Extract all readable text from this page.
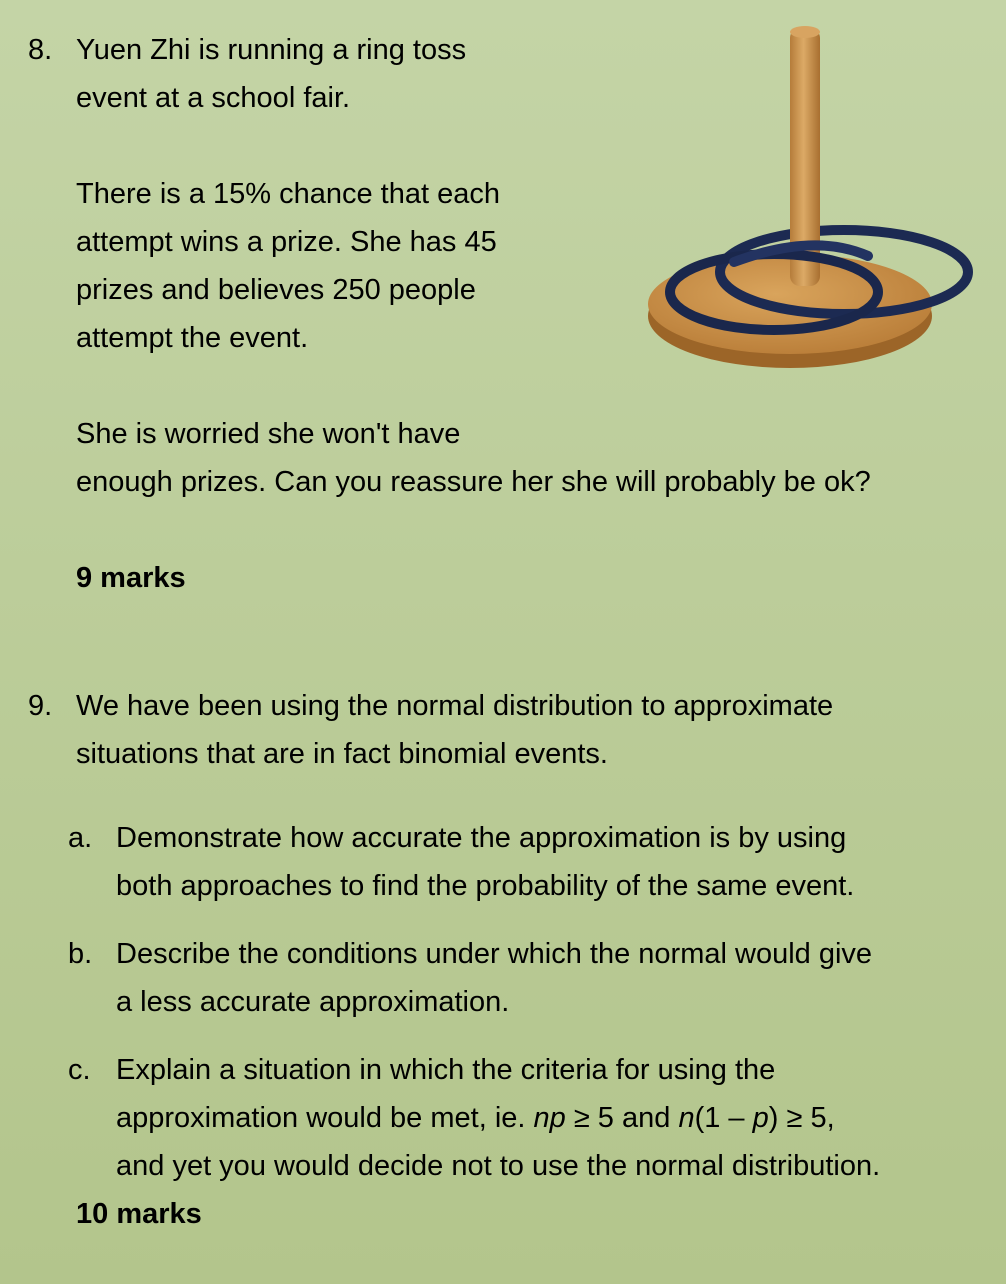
8. Yuen Zhi is running a ring toss
event at a school fair.
There is a 15% chance that each
attempt wins a prize. She has 45
prizes and believes 250 people
attempt the event.
She is worried she won't have
enough prizes. Can you reassure her she will probably be ok?
9 marks
9. We have been using the normal distribution to approximate
situations that are in fact binomial events.
a. Demonstrate how accurate the approximation is by using
both approaches to find the probability of the same event.
b. Describe the conditions under which the normal would give
a less accurate approximation.
c. Explain a situation in which the criteria for using the
approximation would be met, ie. np ≥ 5 and n(1 – p) ≥ 5,
and yet you would decide not to use the normal distribution.
10 marks
